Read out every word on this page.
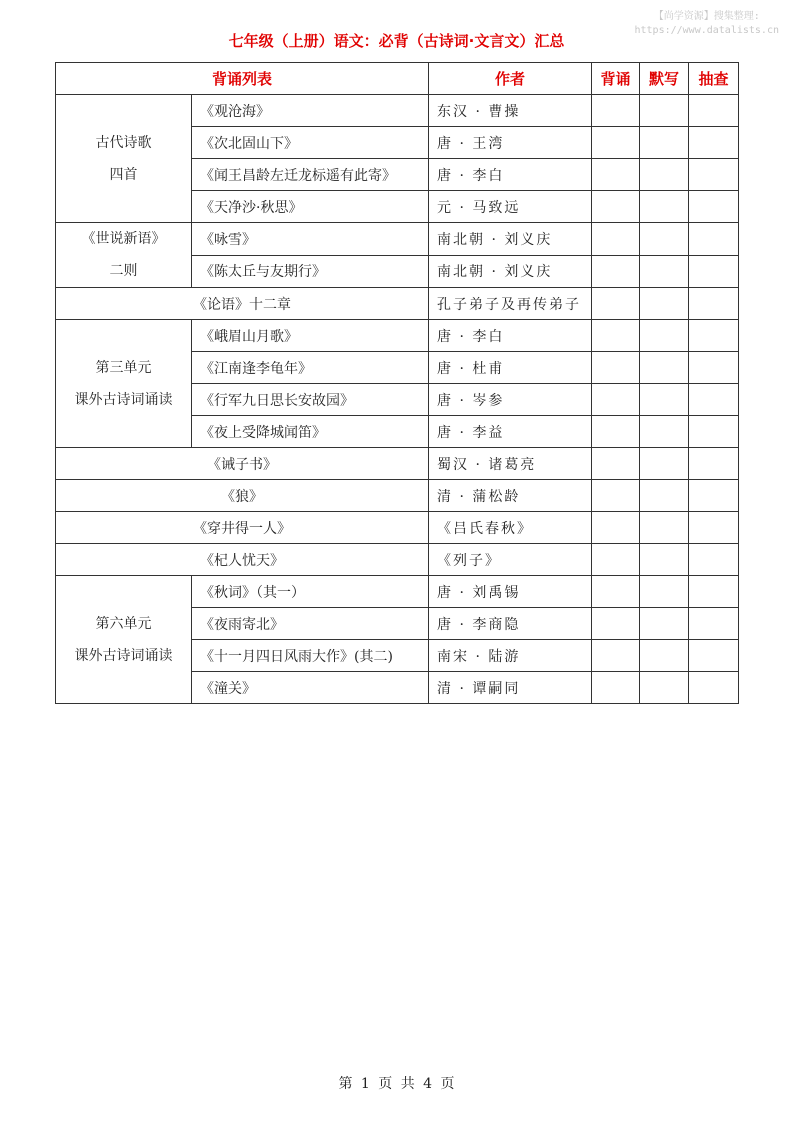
【尚学资源】搜集整理:
https://www.datalists.cn
七年级（上册）语文：必背（古诗词·文言文）汇总
背诵列表		作者	背诵	默写	抽查

古代诗歌
四首	《观沧海》	东汉 · 曹操			
	《次北固山下》	唐 · 王湾			
	《闻王昌龄左迁龙标遥有此寄》	唐 · 李白			
	《天净沙·秋思》	元 · 马致远			

《世说新语》
二则	《咏雪》	南北朝 · 刘义庆			
	《陈太丘与友期行》	南北朝 · 刘义庆			
《论语》十二章		孔子弟子及再传弟子			

第三单元
课外古诗词诵读	《峨眉山月歌》	唐 · 李白			
	《江南逢李龟年》	唐 · 杜甫			
	《行军九日思长安故园》	唐 · 岑参			
	《夜上受降城闻笛》	唐 · 李益			
《诫子书》		蜀汉 · 诸葛亮			
《狼》		清 · 蒲松龄			
《穿井得一人》		《吕氏春秋》			
《杞人忧天》		《列子》			

第六单元
课外古诗词诵读	《秋词》（其一）	唐 · 刘禹锡			
	《夜雨寄北》	唐 · 李商隐			
	《十一月四日风雨大作》(其二)	南宋 · 陆游			
	《潼关》	清 · 谭嗣同			
第 1 页 共 4 页
